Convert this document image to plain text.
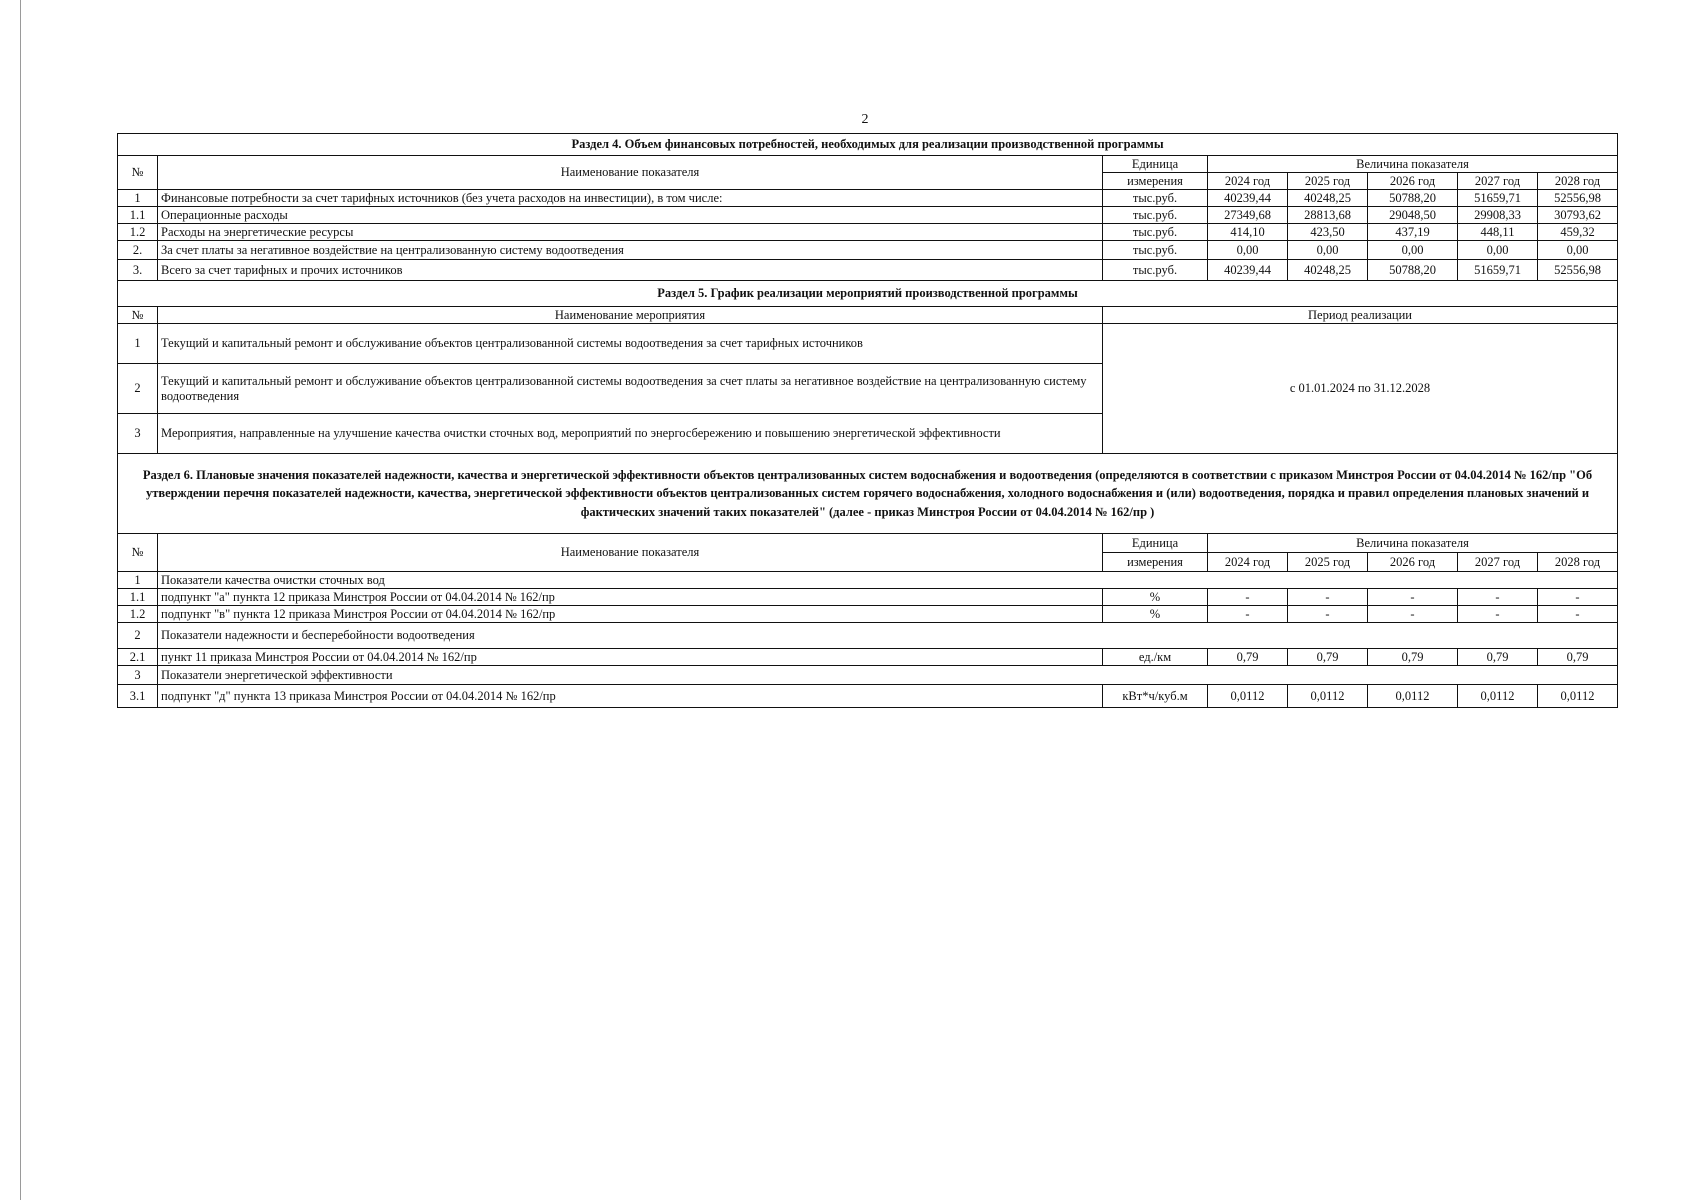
2
Раздел 4. Объем финансовых потребностей, необходимых для реализации производственной программы							
№	Наименование показателя	Единица	Величина показателя				
		измерения	2024 год	2025 год	2026 год	2027 год	2028 год
1	Финансовые потребности за счет тарифных источников (без учета расходов на инвестиции), в том числе:	тыс.руб.	40239,44	40248,25	50788,20	51659,71	52556,98
1.1	Операционные расходы	тыс.руб.	27349,68	28813,68	29048,50	29908,33	30793,62
1.2	Расходы на энергетические ресурсы	тыс.руб.	414,10	423,50	437,19	448,11	459,32
2.	За счет платы за негативное воздействие на централизованную систему водоотведения	тыс.руб.	0,00	0,00	0,00	0,00	0,00
3.	Всего за счет тарифных и прочих источников	тыс.руб.	40239,44	40248,25	50788,20	51659,71	52556,98
Раздел 5. График реализации мероприятий производственной программы							
№	Наименование мероприятия	Период реализации					
1	Текущий и капитальный ремонт и обслуживание объектов централизованной системы водоотведения за счет тарифных источников	с 01.01.2024 по 31.12.2028					
2	Текущий и капитальный ремонт и обслуживание объектов централизованной системы водоотведения за счет платы за негативное воздействие на централизованную систему водоотведения						
3	Мероприятия, направленные на улучшение качества очистки сточных вод, мероприятий по энергосбережению и повышению энергетической эффективности						
Раздел 6. Плановые значения показателей надежности, качества и энергетической эффективности объектов централизованных систем водоснабжения и водоотведения (определяются в соответствии с приказом Минстроя России от 04.04.2014 № 162/пр "Об утверждении перечня показателей надежности, качества, энергетической эффективности объектов централизованных систем горячего водоснабжения, холодного водоснабжения и (или) водоотведения, порядка и правил определения плановых значений и фактических значений таких показателей" (далее - приказ Минстроя России от 04.04.2014 № 162/пр )							
№	Наименование показателя	Единица	Величина показателя				
		измерения	2024 год	2025 год	2026 год	2027 год	2028 год
1	Показатели качества очистки сточных вод						
1.1	подпункт "а" пункта 12 приказа Минстроя России от 04.04.2014 № 162/пр	%	-	-	-	-	-
1.2	подпункт "в" пункта 12 приказа Минстроя России от 04.04.2014 № 162/пр	%	-	-	-	-	-
2	Показатели надежности и бесперебойности водоотведения						
2.1	пункт 11 приказа Минстроя России от 04.04.2014 № 162/пр	ед./км	0,79	0,79	0,79	0,79	0,79
3	Показатели энергетической эффективности						
3.1	подпункт "д" пункта 13 приказа Минстроя России от 04.04.2014 № 162/пр	кВт*ч/куб.м	0,0112	0,0112	0,0112	0,0112	0,0112
